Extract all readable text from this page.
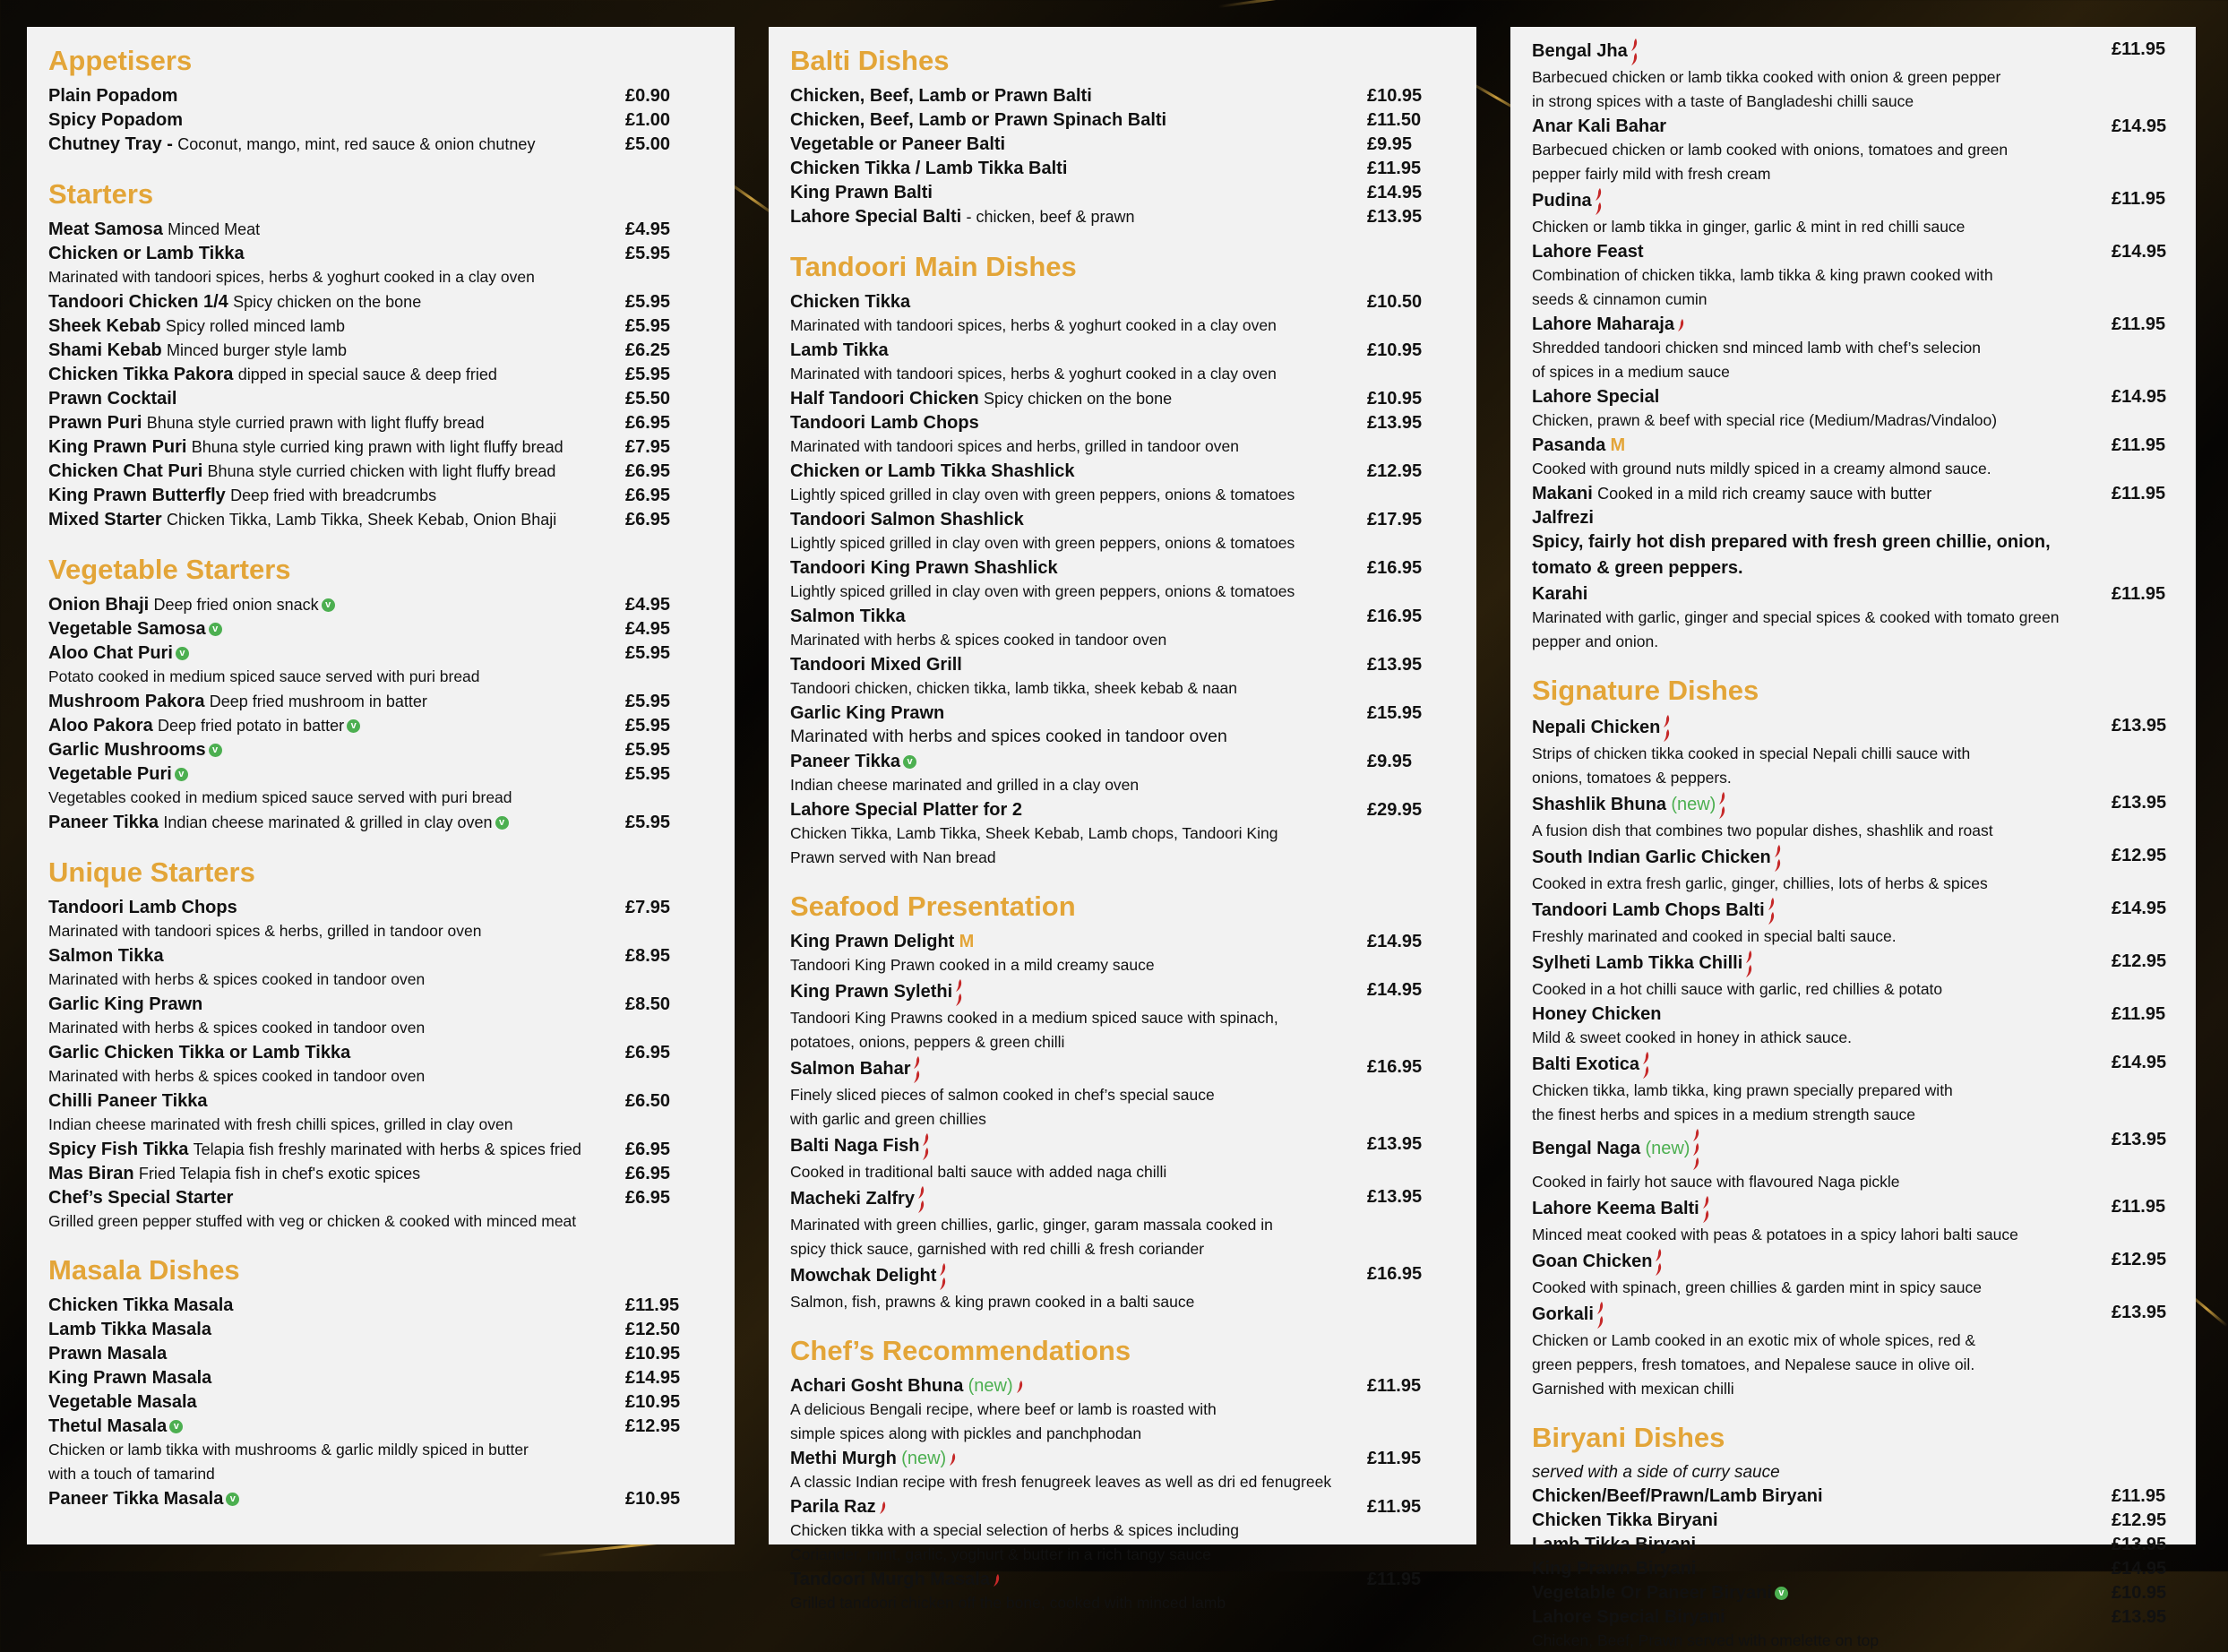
Appetisers
Plain Popadom	£0.90
Spicy Popadom	£1.00
Chutney Tray - Coconut, mango, mint, red sauce & onion chutney	£5.00
Starters
Meat Samosa Minced Meat	£4.95
Chicken or Lamb Tikka	£5.95
Marinated with tandoori spices, herbs & yoghurt cooked in a clay oven
Tandoori Chicken 1/4 Spicy chicken on the bone	£5.95
Sheek Kebab Spicy rolled minced lamb	£5.95
Shami Kebab Minced burger style lamb	£6.25
Chicken Tikka Pakora dipped in special sauce & deep fried	£5.95
Prawn Cocktail	£5.50
Prawn Puri Bhuna style curried prawn with light fluffy bread	£6.95
King Prawn Puri Bhuna style curried king prawn with light fluffy bread	£7.95
Chicken Chat Puri Bhuna style curried chicken with light fluffy bread	£6.95
King Prawn Butterfly Deep fried with breadcrumbs	£6.95
Mixed Starter Chicken Tikka, Lamb Tikka, Sheek Kebab, Onion Bhaji	£6.95
Vegetable Starters
Onion Bhaji Deep fried onion snack v	£4.95
Vegetable Samosa v	£4.95
Aloo Chat Puri v	£5.95
Potato cooked in medium spiced sauce served with puri bread
Mushroom Pakora Deep fried mushroom in batter	£5.95
Aloo Pakora Deep fried potato in batter v	£5.95
Garlic Mushrooms v	£5.95
Vegetable Puri v	£5.95
Vegetables cooked in medium spiced sauce served with puri bread
Paneer Tikka Indian cheese marinated & grilled in clay oven v	£5.95
Unique Starters
Tandoori Lamb Chops	£7.95
Marinated with tandoori spices & herbs, grilled in tandoor oven
Salmon Tikka	£8.95
Marinated with herbs & spices cooked in tandoor oven
Garlic King Prawn	£8.50
Marinated with herbs & spices cooked in tandoor oven
Garlic Chicken Tikka or Lamb Tikka	£6.95
Marinated with herbs & spices cooked in tandoor oven
Chilli Paneer Tikka	£6.50
Indian cheese marinated with fresh chilli spices, grilled in clay oven
Spicy Fish Tikka Telapia fish freshly marinated with herbs & spices fried	£6.95
Mas Biran Fried Telapia fish in chef's exotic spices	£6.95
Chef’s Special Starter	£6.95
Grilled green pepper stuffed with veg or chicken & cooked with minced meat
Masala Dishes
Chicken Tikka Masala	£11.95
Lamb Tikka Masala	£12.50
Prawn Masala	£10.95
King Prawn Masala	£14.95
Vegetable Masala	£10.95
Thetul Masala v	£12.95
Chicken or lamb tikka with mushrooms & garlic mildly spiced in butter
with a touch of tamarind
Paneer Tikka Masala v	£10.95
Balti Dishes
Chicken, Beef, Lamb or Prawn Balti	£10.95
Chicken, Beef, Lamb or Prawn Spinach Balti	£11.50
Vegetable or Paneer Balti	£9.95
Chicken Tikka / Lamb Tikka Balti	£11.95
King Prawn Balti	£14.95
Lahore Special Balti - chicken, beef & prawn	£13.95
Tandoori Main Dishes
Chicken Tikka	£10.50
Marinated with tandoori spices, herbs & yoghurt cooked in a clay oven
Lamb Tikka	£10.95
Marinated with tandoori spices, herbs & yoghurt cooked in a clay oven
Half Tandoori Chicken Spicy chicken on the bone	£10.95
Tandoori Lamb Chops	£13.95
Marinated with tandoori spices and herbs, grilled in tandoor oven
Chicken or Lamb Tikka Shashlick	£12.95
Lightly spiced grilled in clay oven with green peppers, onions & tomatoes
Tandoori Salmon Shashlick	£17.95
Lightly spiced grilled in clay oven with green peppers, onions & tomatoes
Tandoori King Prawn Shashlick	£16.95
Lightly spiced grilled in clay oven with green peppers, onions & tomatoes
Salmon Tikka	£16.95
Marinated with herbs & spices cooked in tandoor oven
Tandoori Mixed Grill	£13.95
Tandoori chicken, chicken tikka, lamb tikka, sheek kebab & naan
Garlic King Prawn	£15.95
Marinated with herbs and spices cooked in tandoor oven
Paneer Tikka v	£9.95
Indian cheese marinated and grilled in a clay oven
Lahore Special Platter for 2	£29.95
Chicken Tikka, Lamb Tikka, Sheek Kebab, Lamb chops, Tandoori King
Prawn served with Nan bread
Seafood Presentation
King Prawn Delight M	£14.95
Tandoori King Prawn cooked in a mild creamy sauce
King Prawn Sylethi	£14.95
Tandoori King Prawns cooked in a medium spiced sauce with spinach,
potatoes, onions, peppers & green chilli
Salmon Bahar	£16.95
Finely sliced pieces of salmon cooked in chef’s special sauce
with garlic and green chillies
Balti Naga Fish	£13.95
Cooked in traditional balti sauce with added naga chilli
Macheki Zalfry	£13.95
Marinated with green chillies, garlic, ginger, garam massala cooked in
spicy thick sauce, garnished with red chilli & fresh coriander
Mowchak Delight	£16.95
Salmon, fish, prawns & king prawn cooked in a balti sauce
Chef’s Recommendations
Achari Gosht Bhuna (new)	£11.95
A delicious Bengali recipe, where beef or lamb is roasted with
simple spices along with pickles and panchphodan
Methi Murgh (new)	£11.95
A classic Indian recipe with fresh fenugreek leaves as well as dri ed fenugreek
Parila Raz	£11.95
Chicken tikka with a special selection of herbs & spices including
Coriander, mint, garlic, yoghurt & butter in a rich tangy sauce
Tandoori Murgh Masala	£11.95
Grilled tandoori chicken off the bone, cooked with minced lamb
Bengal Jha	£11.95
Barbecued chicken or lamb tikka cooked with onion & green pepper
in strong spices with a taste of Bangladeshi chilli sauce
Anar Kali Bahar	£14.95
Barbecued chicken or lamb cooked with onions, tomatoes and green
pepper fairly mild with fresh cream
Pudina	£11.95
Chicken or lamb tikka in ginger, garlic & mint in red chilli sauce
Lahore Feast	£14.95
Combination of chicken tikka, lamb tikka & king prawn cooked with
seeds & cinnamon cumin
Lahore Maharaja	£11.95
Shredded tandoori chicken snd minced lamb with chef’s selecion
of spices in a medium sauce
Lahore Special	£14.95
Chicken, prawn & beef with special rice (Medium/Madras/Vindaloo)
Pasanda M	£11.95
Cooked with ground nuts mildly spiced in a creamy almond sauce.
Makani Cooked in a mild rich creamy sauce with butter	£11.95
Jalfrezi
Spicy, fairly hot dish prepared with fresh green chillie, onion,
tomato & green peppers.
Karahi	£11.95
Marinated with garlic, ginger and special spices & cooked with tomato green
pepper and onion.
Signature Dishes
Nepali Chicken	£13.95
Strips of chicken tikka cooked in special Nepali chilli sauce with
onions, tomatoes & peppers.
Shashlik Bhuna (new)	£13.95
A fusion dish that combines two popular dishes, shashlik and roast
South Indian Garlic Chicken	£12.95
Cooked in extra fresh garlic, ginger, chillies, lots of herbs & spices
Tandoori Lamb Chops Balti	£14.95
Freshly marinated and cooked in special balti sauce.
Sylheti Lamb Tikka Chilli	£12.95
Cooked in a hot chilli sauce with garlic, red chillies & potato
Honey Chicken	£11.95
Mild & sweet cooked in honey in athick sauce.
Balti Exotica	£14.95
Chicken tikka, lamb tikka, king prawn specially prepared with
the finest herbs and spices in a medium strength sauce
Bengal Naga (new)	£13.95
Cooked in fairly hot sauce with flavoured Naga pickle
Lahore Keema Balti	£11.95
Minced meat cooked with peas & potatoes in a spicy lahori balti sauce
Goan Chicken	£12.95
Cooked with spinach, green chillies & garden mint in spicy sauce
Gorkali	£13.95
Chicken or Lamb cooked in an exotic mix of whole spices, red &
green peppers, fresh tomatoes, and Nepalese sauce in olive oil.
Garnished with mexican chilli
Biryani Dishes
served with a side of curry sauce
Chicken/Beef/Prawn/Lamb Biryani	£11.95
Chicken Tikka Biryani	£12.95
Lamb Tikka Biryani	£13.95
King Prawn Biryani	£14.95
Vegetable Or Paneer Biryani v	£10.95
Lahore Special Biryani	£13.95
Chicken, Beef, Prawn served with omelette on top
